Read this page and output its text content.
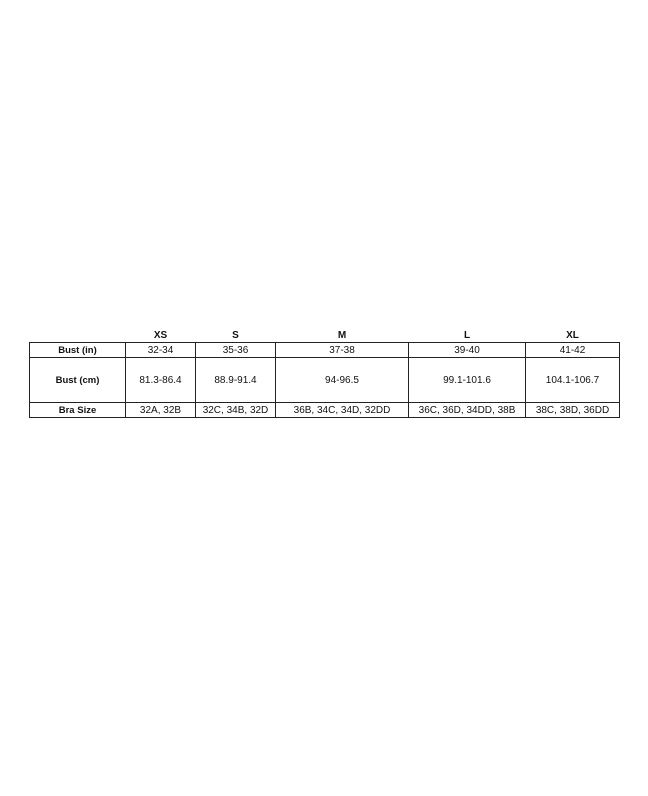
	XS	S	M	L	XL
Bust (in)	32-34	35-36	37-38	39-40	41-42
Bust (cm)	81.3-86.4	88.9-91.4	94-96.5	99.1-101.6	104.1-106.7
Bra Size	32A, 32B	32C, 34B, 32D	36B, 34C, 34D, 32DD	36C, 36D, 34DD, 38B	38C, 38D, 36DD
